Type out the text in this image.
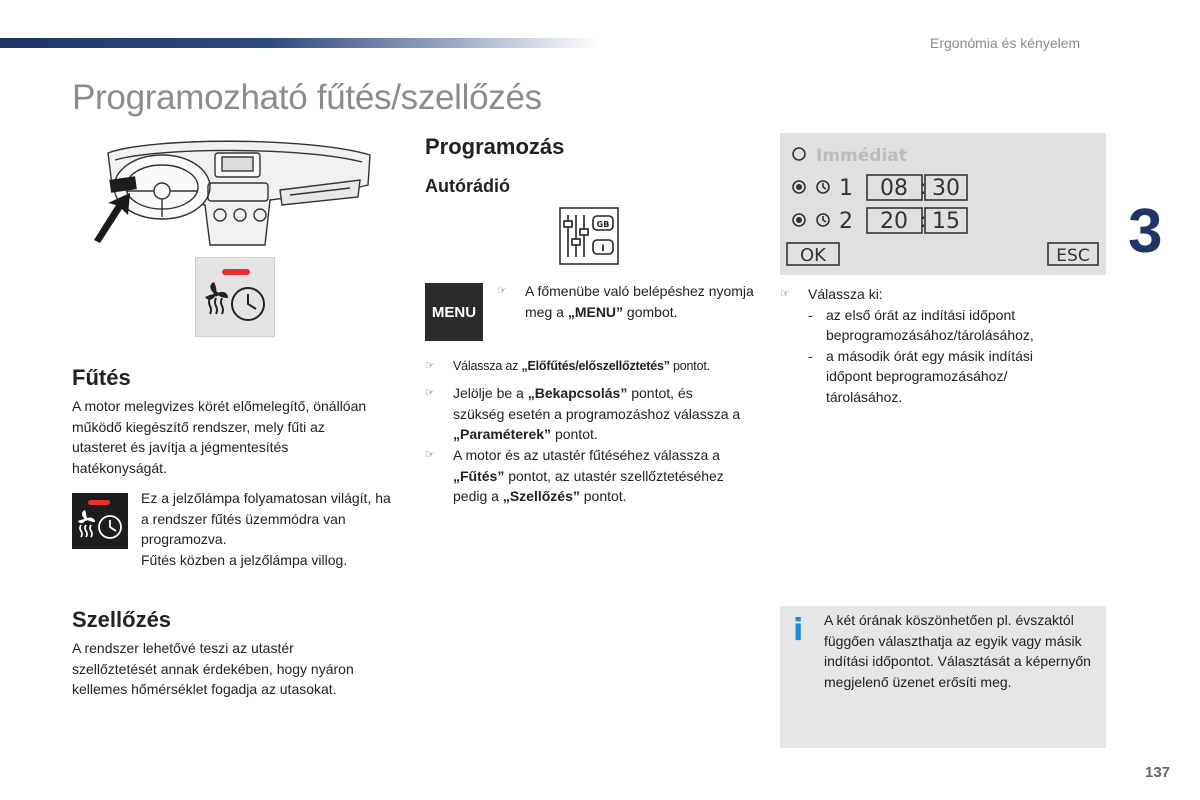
Ergonómia és kényelem
Programozható fűtés/szellőzés
3
Fűtés
A motor melegvizes körét előmelegítő, önállóan működő kiegészítő rendszer, mely fűti az utasteret és javítja a jégmentesítés hatékonyságát.

Ez a jelzőlámpa folyamatosan világít, ha a rendszer fűtés üzemmódra van programozva.

Fűtés közben a jelzőlámpa villog.

Szellőzés
A rendszer lehetővé teszi az utastér szellőztetését annak érdekében, hogy nyáron kellemes hőmérséklet fogadja az utasokat.
Programozás
Autórádió
GB
I
MENU
☞ A főmenübe való belépéshez nyomja meg a „MENU” gombot.
☞ Válassza az „Előfűtés/előszellőztetés” pontot.
☞ Jelölje be a „Bekapcsolás” pontot, és szükség esetén a programozáshoz válassza a „Paraméterek” pontot.
☞ A motor és az utastér fűtéséhez válassza a „Fűtés” pontot, az utastér szellőztetéséhez pedig a „Szellőzés” pontot.
Immédiat
1 08 : 30
2 20 : 15
OK	ESC
☞ Válassza ki:
- az első órát az indítási időpont beprogramozásához/tárolásához,
- a második órát egy másik indítási időpont beprogramozásához/ tárolásához.
i A két órának köszönhetően pl. évszaktól függően választhatja az egyik vagy másik indítási időpontot. Választását a képernyőn megjelenő üzenet erősíti meg.
137
